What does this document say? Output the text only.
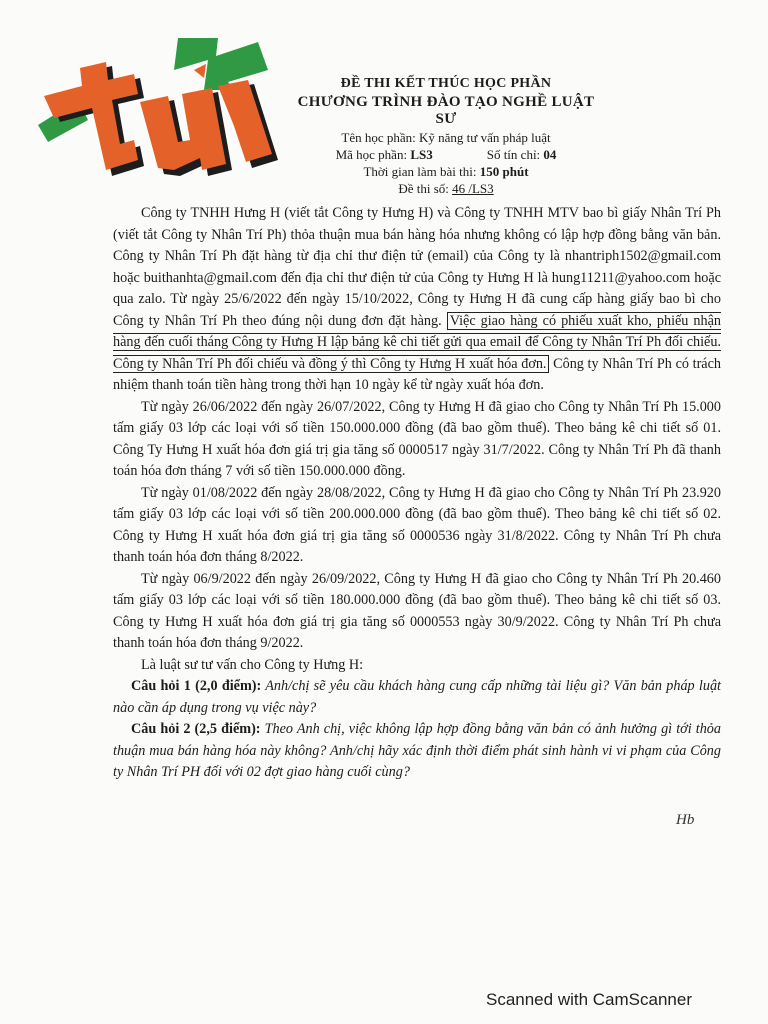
ĐỀ THI KẾT THÚC HỌC PHẦN
CHƯƠNG TRÌNH ĐÀO TẠO NGHỀ LUẬT SƯ
Tên học phần: Kỹ năng tư vấn pháp luật
Mã học phần: LS3	Số tín chỉ: 04
Thời gian làm bài thi: 150 phút
Đề thi số: 46 /LS3

Công ty TNHH Hưng H (viết tắt Công ty Hưng H) và Công ty TNHH MTV bao bì giấy Nhân Trí Ph (viết tắt Công ty Nhân Trí Ph) thỏa thuận mua bán hàng hóa nhưng không có lập hợp đồng bằng văn bản. Công ty Nhân Trí Ph đặt hàng từ địa chỉ thư điện tử (email) của Công ty là nhantriph1502@gmail.com hoặc buithanhta@gmail.com đến địa chỉ thư điện tử của Công ty Hưng H là hung11211@yahoo.com hoặc qua zalo. Từ ngày 25/6/2022 đến ngày 15/10/2022, Công ty Hưng H đã cung cấp hàng giấy bao bì cho Công ty Nhân Trí Ph theo đúng nội dung đơn đặt hàng. Việc giao hàng có phiếu xuất kho, phiếu nhận hàng đến cuối tháng Công ty Hưng H lập bảng kê chi tiết gửi qua email để Công ty Nhân Trí Ph đối chiếu. Công ty Nhân Trí Ph đối chiếu và đồng ý thì Công ty Hưng H xuất hóa đơn. Công ty Nhân Trí Ph có trách nhiệm thanh toán tiền hàng trong thời hạn 10 ngày kể từ ngày xuất hóa đơn.

Từ ngày 26/06/2022 đến ngày 26/07/2022, Công ty Hưng H đã giao cho Công ty Nhân Trí Ph 15.000 tấm giấy 03 lớp các loại với số tiền 150.000.000 đồng (đã bao gồm thuế). Theo bảng kê chi tiết số 01. Công Ty Hưng H xuất hóa đơn giá trị gia tăng số 0000517 ngày 31/7/2022. Công ty Nhân Trí Ph đã thanh toán hóa đơn tháng 7 với số tiền 150.000.000 đồng.

Từ ngày 01/08/2022 đến ngày 28/08/2022, Công ty Hưng H đã giao cho Công ty Nhân Trí Ph 23.920 tấm giấy 03 lớp các loại với số tiền 200.000.000 đồng (đã bao gồm thuế). Theo bảng kê chi tiết số 02. Công ty Hưng H xuất hóa đơn giá trị gia tăng số 0000536 ngày 31/8/2022. Công ty Nhân Trí Ph chưa thanh toán hóa đơn tháng 8/2022.

Từ ngày 06/9/2022 đến ngày 26/09/2022, Công ty Hưng H đã giao cho Công ty Nhân Trí Ph 20.460 tấm giấy 03 lớp các loại với số tiền 180.000.000 đồng (đã bao gồm thuế). Theo bảng kê chi tiết số 03. Công ty Hưng H xuất hóa đơn giá trị gia tăng số 0000553 ngày 30/9/2022. Công ty Nhân Trí Ph chưa thanh toán hóa đơn tháng 9/2022.

Là luật sư tư vấn cho Công ty Hưng H:

Câu hỏi 1 (2,0 điểm): Anh/chị sẽ yêu cầu khách hàng cung cấp những tài liệu gì? Văn bản pháp luật nào cần áp dụng trong vụ việc này?

Câu hỏi 2 (2,5 điểm): Theo Anh chị, việc không lập hợp đồng bằng văn bản có ảnh hưởng gì tới thỏa thuận mua bán hàng hóa này không? Anh/chị hãy xác định thời điểm phát sinh hành vi vi phạm của Công ty Nhân Trí PH đối với 02 đợt giao hàng cuối cùng?

Hb
Scanned with CamScanner
